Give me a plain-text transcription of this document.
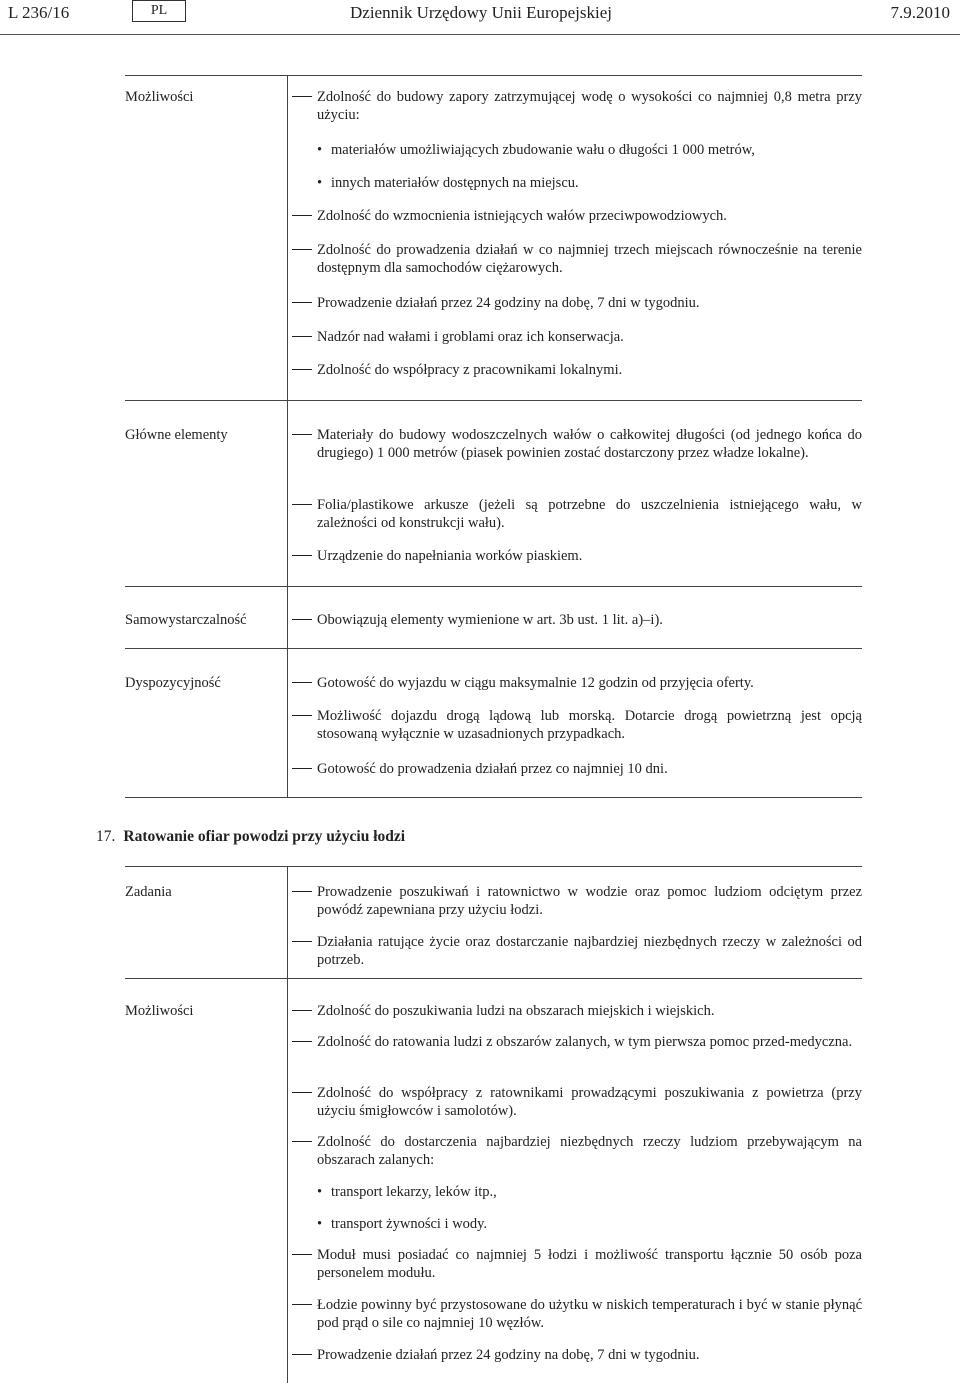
L 236/16	PL	Dziennik Urzędowy Unii Europejskiej	7.9.2010
Możliwości	Zdolność do budowy zapory zatrzymującej wodę o wysokości co najmniej 0,8 metra przy użyciu:
• materiałów umożliwiających zbudowanie wału o długości 1 000 metrów,
• innych materiałów dostępnych na miejscu.
Zdolność do wzmocnienia istniejących wałów przeciwpowodziowych.
Zdolność do prowadzenia działań w co najmniej trzech miejscach równocześnie na terenie dostępnym dla samochodów ciężarowych.
Prowadzenie działań przez 24 godziny na dobę, 7 dni w tygodniu.
Nadzór nad wałami i groblami oraz ich konserwacja.
Zdolność do współpracy z pracownikami lokalnymi.
Główne elementy	Materiały do budowy wodoszczelnych wałów o całkowitej długości (od jednego końca do drugiego) 1 000 metrów (piasek powinien zostać dostarczony przez władze lokalne).
Folia/plastikowe arkusze (jeżeli są potrzebne do uszczelnienia istniejącego wału, w zależności od konstrukcji wału).
Urządzenie do napełniania worków piaskiem.
Samowystarczalność	Obowiązują elementy wymienione w art. 3b ust. 1 lit. a)–i).
Dyspozycyjność	Gotowość do wyjazdu w ciągu maksymalnie 12 godzin od przyjęcia oferty.
Możliwość dojazdu drogą lądową lub morską. Dotarcie drogą powietrzną jest opcją stosowaną wyłącznie w uzasadnionych przypadkach.
Gotowość do prowadzenia działań przez co najmniej 10 dni.
17. Ratowanie ofiar powodzi przy użyciu łodzi
Zadania	Prowadzenie poszukiwań i ratownictwo w wodzie oraz pomoc ludziom odciętym przez powódź zapewniana przy użyciu łodzi.
Działania ratujące życie oraz dostarczanie najbardziej niezbędnych rzeczy w zależności od potrzeb.
Możliwości	Zdolność do poszukiwania ludzi na obszarach miejskich i wiejskich.
Zdolność do ratowania ludzi z obszarów zalanych, w tym pierwsza pomoc przed-medyczna.
Zdolność do współpracy z ratownikami prowadzącymi poszukiwania z powietrza (przy użyciu śmigłowców i samolotów).
Zdolność do dostarczenia najbardziej niezbędnych rzeczy ludziom przebywającym na obszarach zalanych:
• transport lekarzy, leków itp.,
• transport żywności i wody.
Moduł musi posiadać co najmniej 5 łodzi i możliwość transportu łącznie 50 osób poza personelem modułu.
Łodzie powinny być przystosowane do użytku w niskich temperaturach i być w stanie płynąć pod prąd o sile co najmniej 10 węzłów.
Prowadzenie działań przez 24 godziny na dobę, 7 dni w tygodniu.
